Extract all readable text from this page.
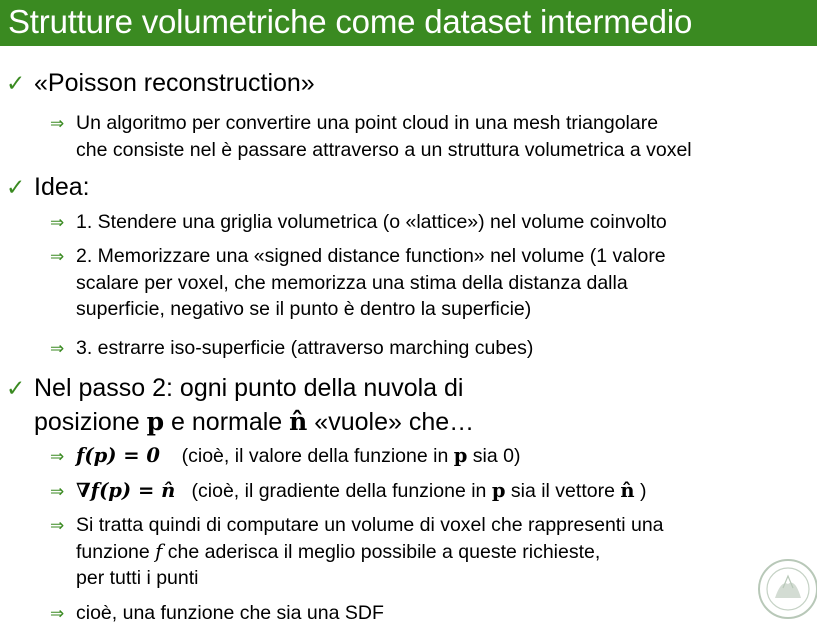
Strutture volumetriche come dataset intermedio
✓ «Poisson reconstruction»
⇒ Un algoritmo per convertire una point cloud in una mesh triangolare
che consiste nel è passare attraverso a un struttura volumetrica a voxel
✓ Idea:
⇒ 1. Stendere una griglia volumetrica (o «lattice») nel volume coinvolto
⇒ 2. Memorizzare una «signed distance function» nel volume (1 valore
scalare per voxel, che memorizza una stima della distanza dalla
superficie, negativo se il punto è dentro la superficie)
⇒ 3. estrarre iso-superficie (attraverso marching cubes)
✓ Nel passo 2: ogni punto della nuvola di
posizione p e normale n̂ «vuole» che…
⇒ f(p) = 0 (cioè, il valore della funzione in p sia 0)
⇒ ∇f(p) = n̂ (cioè, il gradiente della funzione in p sia il vettore n̂ )
⇒ Si tratta quindi di computare un volume di voxel che rappresenti una
funzione f che aderisca il meglio possibile a queste richieste,
per tutti i punti
⇒ cioè, una funzione che sia una SDF
